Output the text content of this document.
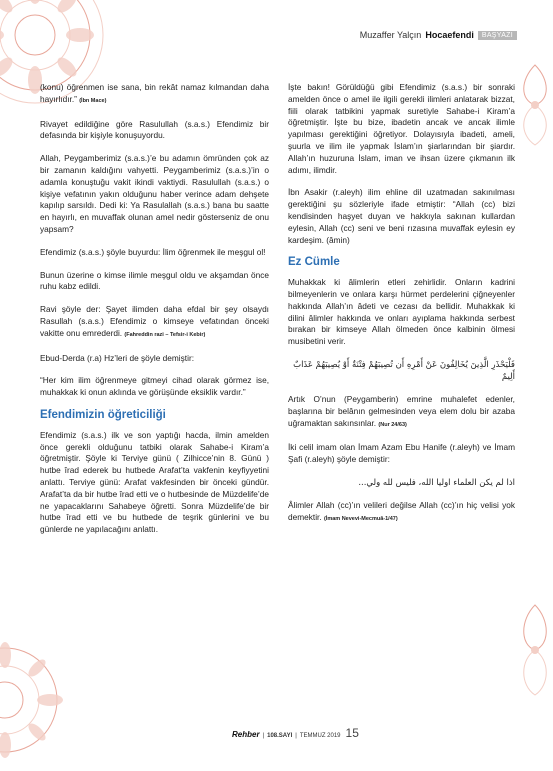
Muzaffer Yalçın Hocaefendi	BAŞYAZI

(konu) öğrenmen ise sana, bin rekât namaz kılmandan daha hayırlıdır.” (İbn Mace)

Rivayet edildiğine göre Rasulullah (s.a.s.) Efendimiz bir defasında bir kişiyle konuşuyordu.

Allah, Peygamberimiz (s.a.s.)’e bu adamın ömründen çok az bir zamanın kaldığını vahyetti. Peygamberimiz (s.a.s.)’in o adamla konuştuğu vakit ikindi vaktiydi. Rasulullah (s.a.s.) o kişiye vefatının yakın olduğunu haber verince adam dehşete kapılıp sarsıldı. Dedi ki: Ya Rasulallah (s.a.s.) bana bu saatte en hayırlı, en muvaffak olunan amel nedir gösterseniz de onu yapsam?

Efendimiz (s.a.s.) şöyle buyurdu: İlim öğrenmek ile meşgul ol!

Bunun üzerine o kimse ilimle meşgul oldu ve akşamdan önce ruhu kabz edildi.

Ravi şöyle der: Şayet ilimden daha efdal bir şey olsaydı Rasullah (s.a.s.) Efendimiz o kimseye vefatından önceki vakitte onu emrederdi. (Fahreddin razi – Tefsir-i Kebir)

Ebud-Derda (r.a) Hz’leri de şöyle demiştir:

“Her kim ilim öğrenmeye gitmeyi cihad olarak görmez ise, muhakkak ki onun aklında ve görüşünde eksiklik vardır.”

Efendimizin öğreticiliği

Efendimiz (s.a.s.) ilk ve son yaptığı hacda, ilmin amelden önce gerekli olduğunu tatbiki olarak Sahabe-i Kiram’a öğretmiştir. Şöyle ki Terviye günü ( Zilhicce’nin 8. Günü ) hutbe îrad ederek bu hutbede Arafat’ta vakfenin keyfiyyetini anlattı. Terviye günü: Arafat vakfesinden bir önceki gündür. Arafat’ta da bir hutbe îrad etti ve o hutbesinde de Müzdelife’de ne yapacaklarını Sahabeye öğretti. Sonra Müzdelife’de bir hutbe îrad etti ve bu hutbede de teşrik günlerini ve bu günlerde ne yapılacağını anlattı.

İşte bakın! Görüldüğü gibi Efendimiz (s.a.s.) bir sonraki amelden önce o amel ile ilgili gerekli ilimleri anlatarak bizzat, fiili olarak tatbikini yapmak suretiyle Sahabe-i Kiram’a öğretmiştir. İşte bu bize, ibadetin ancak ve ancak ilimle yapılması gerektiğini öğretiyor. Dolayısıyla ibadeti, ameli, şuurla ve ilim ile yapmak İslam’ın şiarlarından bir şiardır. Allah’ın huzuruna İslam, iman ve ihsan üzere çıkmanın ilk adımı, ilimdir.

İbn Asakir (r.aleyh) ilim ehline dil uzatmadan sakınılması gerektiğini şu sözleriyle ifade etmiştir: “Allah (cc) bizi kendisinden haşyet duyan ve hakkıyla sakınan kullardan eylesin, Allah (cc) seni ve beni rızasına muvaffak eylesin ey kardeşim. (âmin)

Ez Cümle

Muhakkak ki âlimlerin etleri zehirlidir. Onların kadrini bilmeyenlerin ve onlara karşı hürmet perdelerini çiğneyenler hakkında Allah’ın âdeti ve cezası da bellidir. Muhakkak ki dilini âlimler hakkında ve onları ayıplama hakkında serbest bırakan bir kimseye Allah ölmeden önce kalbinin ölmesi musibetini verir.

فَلْيَحْذَرِ الَّذِينَ يُخَالِفُونَ عَنْ أَمْرِهِ أَن تُصِيبَهُمْ فِتْنَةٌ أَوْ يُصِيبَهُمْ عَذَابٌ أَلِيمٌ

Artık O’nun (Peygamberin) emrine muhalefet edenler, başlarına bir belânın gelmesinden veya elem dolu bir azaba uğramaktan sakınsınlar. (Nur 24/63)

İki celil imam olan İmam Azam Ebu Hanife (r.aleyh) ve İmam Şafi (r.aleyh) şöyle demiştir:

اذا لم يكن العلماء اوليا الله، فليس لله ولي...

Âlimler Allah (cc)’ın velileri değilse Allah (cc)’ın hiç velisi yok demektir. (İmam Nevevi-Mecmuâ-1/47)

Rehber | 108.SAYI | TEMMUZ 2019 15
